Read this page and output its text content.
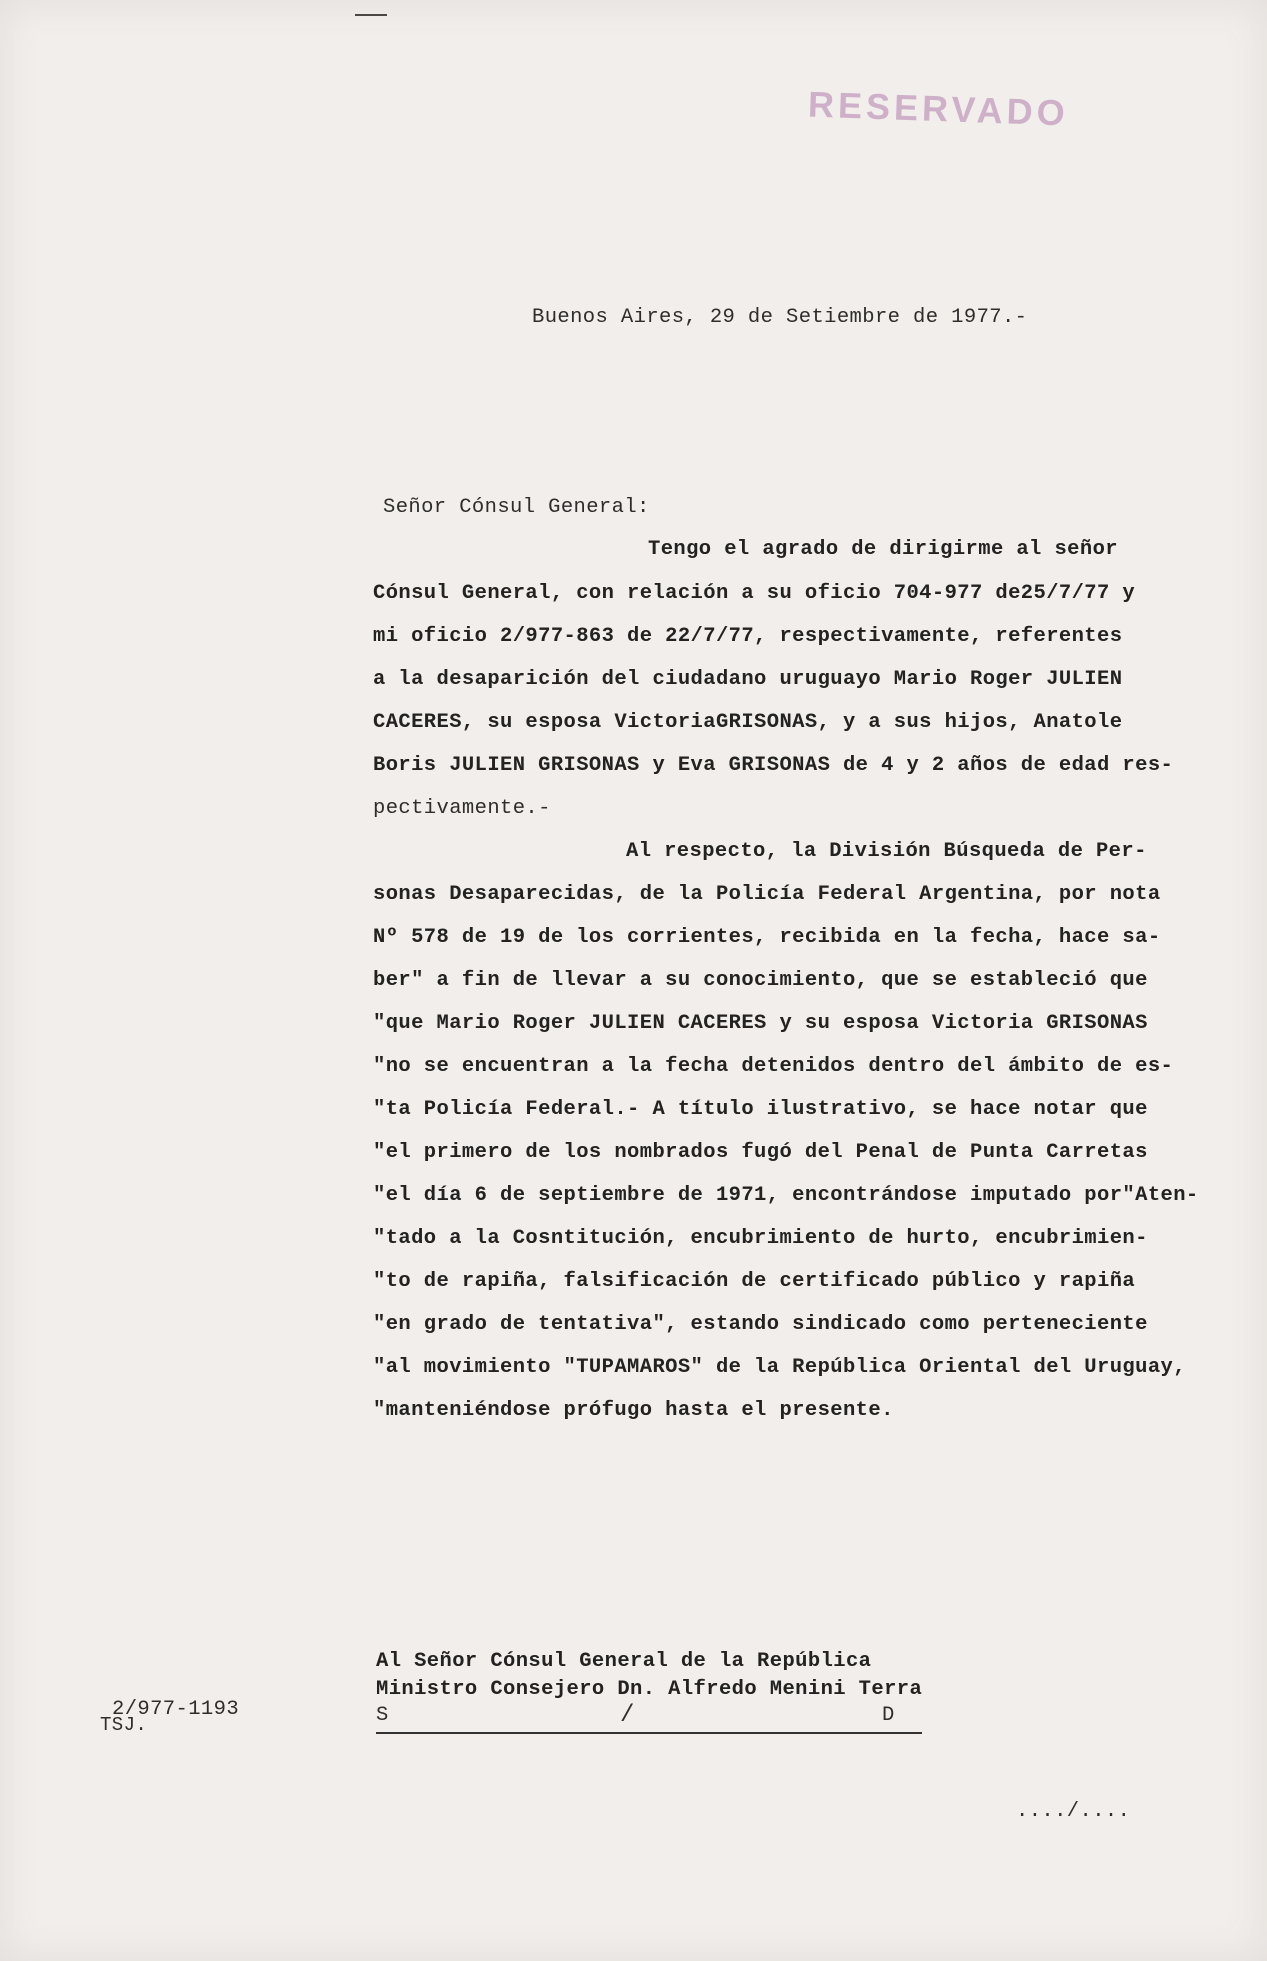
RESERVADO
Buenos Aires, 29 de Setiembre de 1977.-
Señor Cónsul General:
Tengo el agrado de dirigirme al señor
Cónsul General, con relación a su oficio 704-977 de25/7/77 y
mi oficio 2/977-863 de 22/7/77, respectivamente, referentes
a la desaparición del ciudadano uruguayo Mario Roger JULIEN
CACERES, su esposa VictoriaGRISONAS, y a sus hijos, Anatole
Boris JULIEN GRISONAS y Eva GRISONAS de 4 y 2 años de edad res-
pectivamente.-
Al respecto, la División Búsqueda de Per-
sonas Desaparecidas, de la Policía Federal Argentina, por nota
Nº 578 de 19 de los corrientes, recibida en la fecha, hace sa-
ber" a fin de llevar a su conocimiento, que se estableció que
"que Mario Roger JULIEN CACERES y su esposa Victoria GRISONAS
"no se encuentran a la fecha detenidos dentro del ámbito de es-
"ta Policía Federal.- A título ilustrativo, se hace notar que
"el primero de los nombrados fugó del Penal de Punta Carretas
"el día 6 de septiembre de 1971, encontrándose imputado por"Aten-
"tado a la Cosntitución, encubrimiento de hurto, encubrimien-
"to de rapiña, falsificación de certificado público y rapiña
"en grado de tentativa", estando sindicado como perteneciente
"al movimiento "TUPAMAROS" de la República Oriental del Uruguay,
"manteniéndose prófugo hasta el presente.
Al Señor Cónsul General de la República
Ministro Consejero Dn. Alfredo Menini Terra
S	/	D
2/977-1193
TSJ.
..../....
